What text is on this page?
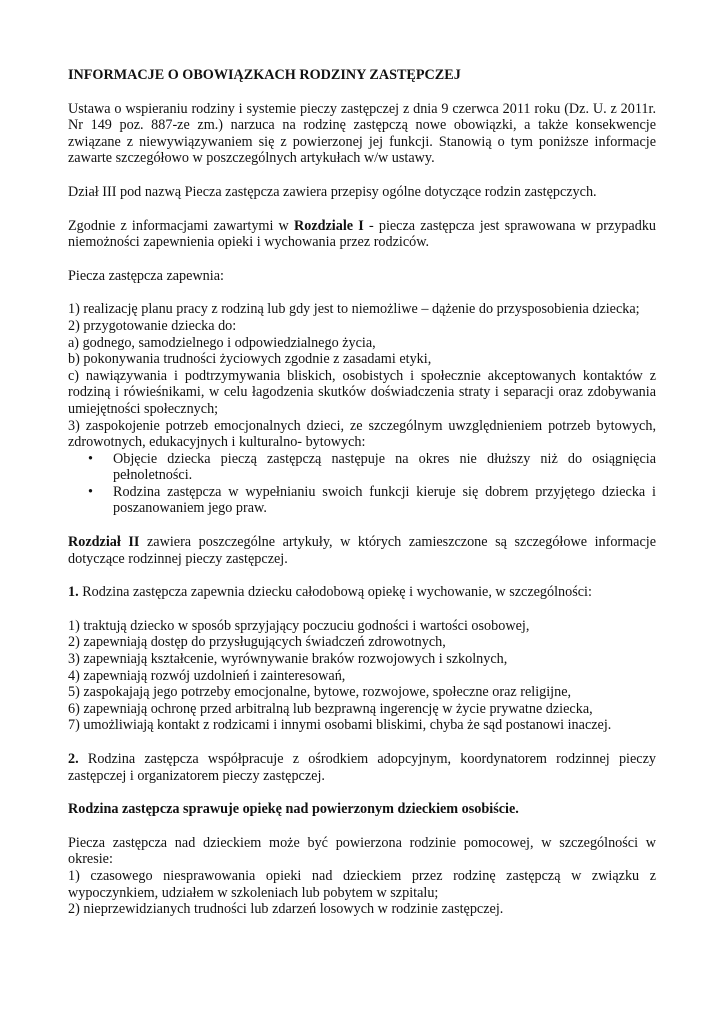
INFORMACJE O OBOWIĄZKACH RODZINY ZASTĘPCZEJ

Ustawa o wspieraniu rodziny i systemie pieczy zastępczej z dnia 9 czerwca 2011 roku (Dz. U. z 2011r. Nr 149 poz. 887-ze zm.) narzuca na rodzinę zastępczą nowe obowiązki, a także konsekwencje związane z niewywiązywaniem się z powierzonej jej funkcji. Stanowią o tym poniższe informacje zawarte szczegółowo w poszczególnych artykułach w/w ustawy.

Dział III pod nazwą Piecza zastępcza zawiera przepisy ogólne dotyczące rodzin zastępczych.

Zgodnie z informacjami zawartymi w Rozdziale I - piecza zastępcza jest sprawowana w przypadku niemożności zapewnienia opieki i wychowania przez rodziców.

Piecza zastępcza zapewnia:

1) realizację planu pracy z rodziną lub gdy jest to niemożliwe – dążenie do przysposobienia dziecka;

2) przygotowanie dziecka do:

a) godnego, samodzielnego i odpowiedzialnego życia,

b) pokonywania trudności życiowych zgodnie z zasadami etyki,

c) nawiązywania i podtrzymywania bliskich, osobistych i społecznie akceptowanych kontaktów z rodziną i rówieśnikami, w celu łagodzenia skutków doświadczenia straty i separacji oraz zdobywania umiejętności społecznych;

3) zaspokojenie potrzeb emocjonalnych dzieci, ze szczególnym uwzględnieniem potrzeb bytowych, zdrowotnych, edukacyjnych i kulturalno- bytowych:

• Objęcie dziecka pieczą zastępczą następuje na okres nie dłuższy niż do osiągnięcia pełnoletności.
• Rodzina zastępcza w wypełnianiu swoich funkcji kieruje się dobrem przyjętego dziecka i poszanowaniem jego praw.

Rozdział II zawiera poszczególne artykuły, w których zamieszczone są szczegółowe informacje dotyczące rodzinnej pieczy zastępczej.

1. Rodzina zastępcza zapewnia dziecku całodobową opiekę i wychowanie, w szczególności:

1) traktują dziecko w sposób sprzyjający poczuciu godności i wartości osobowej,

2) zapewniają dostęp do przysługujących świadczeń zdrowotnych,

3) zapewniają kształcenie, wyrównywanie braków rozwojowych i szkolnych,

4) zapewniają rozwój uzdolnień i zainteresowań,

5) zaspokajają jego potrzeby emocjonalne, bytowe, rozwojowe, społeczne oraz religijne,

6) zapewniają ochronę przed arbitralną lub bezprawną ingerencję w życie prywatne dziecka,

7) umożliwiają kontakt z rodzicami i innymi osobami bliskimi, chyba że sąd postanowi inaczej.

2. Rodzina zastępcza współpracuje z ośrodkiem adopcyjnym, koordynatorem rodzinnej pieczy zastępczej i organizatorem pieczy zastępczej.

Rodzina zastępcza sprawuje opiekę nad powierzonym dzieckiem osobiście.

Piecza zastępcza nad dzieckiem może być powierzona rodzinie pomocowej, w szczególności w okresie:

1) czasowego niesprawowania opieki nad dzieckiem przez rodzinę zastępczą w związku z wypoczynkiem, udziałem w szkoleniach lub pobytem w szpitalu;

2) nieprzewidzianych trudności lub zdarzeń losowych w rodzinie zastępczej.
